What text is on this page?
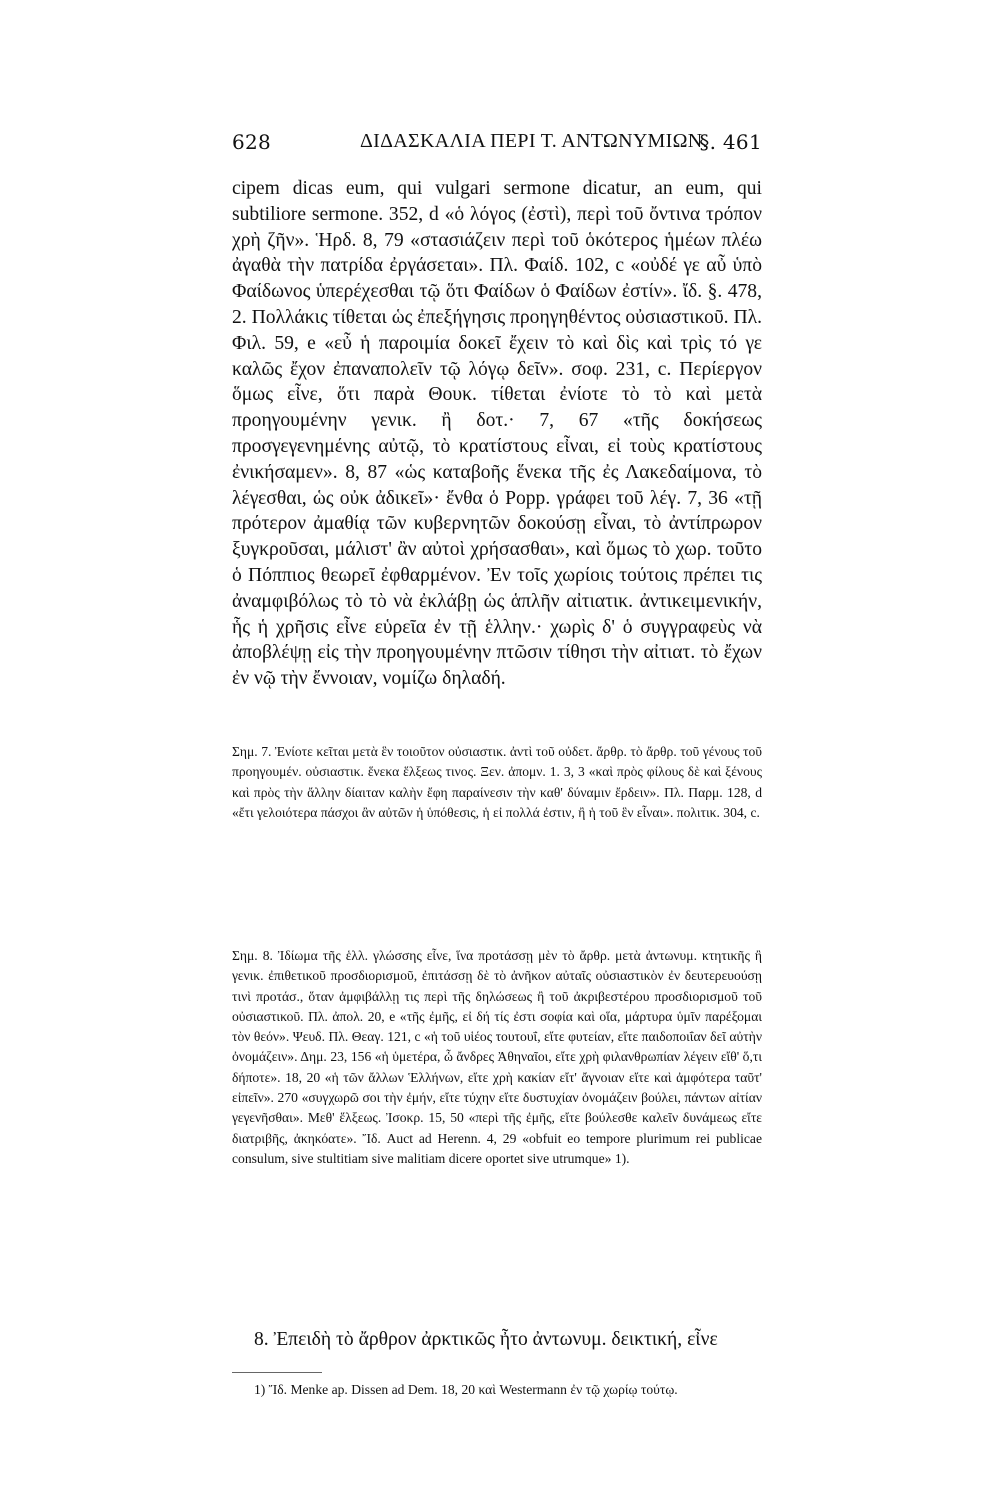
628	ΔΙΔΑΣΚΑΛΙΑ ΠΕΡΙ Τ. ΑΝΤΩΝΥΜΙΩΝ.
§. 461

cipem dicas eum, qui vulgari sermone dicatur, an eum, qui subtiliore sermone. 352, d «ὁ λόγος (ἐστὶ), περὶ τοῦ ὄντινα τρόπον χρὴ ζῆν». Ἡρδ. 8, 79 «στασιάζειν περὶ τοῦ ὁκότερος ἡμέων πλέω ἀγαθὰ τὴν πατρίδα ἐργάσεται». Πλ. Φαίδ. 102, c «οὐδέ γε αὖ ὑπὸ Φαίδωνος ὑπερέχεσθαι τῷ ὅτι Φαίδων ὁ Φαίδων ἐστίν». ἴδ. §. 478, 2. Πολλάκις τίθεται ὡς ἐπεξήγησις προηγηθέντος οὐσιαστικοῦ. Πλ. Φιλ. 59, e «εὖ ἡ παροιμία δοκεῖ ἔχειν τὸ καὶ δὶς καὶ τρὶς τό γε καλῶς ἔχον ἐπαναπολεῖν τῷ λόγῳ δεῖν». σοφ. 231, c. Περίεργον ὅμως εἶνε, ὅτι παρὰ Θουκ. τίθεται ἐνίοτε τὸ τὸ καὶ μετὰ προηγουμένην γενικ. ἢ δοτ.· 7, 67 «τῆς δοκήσεως προσγεγενημένης αὐτῷ, τὸ κρατίστους εἶναι, εἰ τοὺς κρατίστους ἐνικήσαμεν». 8, 87 «ὡς καταβοῆς ἕνεκα τῆς ἐς Λακεδαίμονα, τὸ λέγεσθαι, ὡς οὐκ ἀδικεῖ»· ἔνθα ὁ Popp. γράφει τοῦ λέγ. 7, 36 «τῇ πρότερον ἀμαθίᾳ τῶν κυβερνητῶν δοκούσῃ εἶναι, τὸ ἀντίπρωρον ξυγκροῦσαι, μάλιστ' ἂν αὐτοὶ χρήσασθαι», καὶ ὅμως τὸ χωρ. τοῦτο ὁ Πόππιος θεωρεῖ ἐφθαρμένον. Ἐν τοῖς χωρίοις τούτοις πρέπει τις ἀναμφιβόλως τὸ τὸ νὰ ἐκλάβῃ ὡς ἁπλῆν αἰτιατικ. ἀντικειμενικήν, ἧς ἡ χρῆσις εἶνε εὑρεῖα ἐν τῇ ἑλλην.· χωρὶς δ' ὁ συγγραφεὺς νὰ ἀποβλέψῃ εἰς τὴν προηγουμένην πτῶσιν τίθησι τὴν αἰτιατ. τὸ ἔχων ἐν νῷ τὴν ἔννοιαν, νομίζω δηλαδή.

Σημ. 7. Ἐνίοτε κεῖται μετὰ ἓν τοιοῦτον οὐσιαστικ. ἀντὶ τοῦ οὐδετ. ἄρθρ. τὸ ἄρθρ. τοῦ γένους τοῦ προηγουμέν. οὐσιαστικ. ἕνεκα ἕλξεως τινος. Ξεν. ἀπομν. 1. 3, 3 «καὶ πρὸς φίλους δὲ καὶ ξένους καὶ πρὸς τὴν ἄλλην δίαιταν καλὴν ἔφη παραίνεσιν τὴν καθ' δύναμιν ἔρδειν». Πλ. Παρμ. 128, d «ἔτι γελοιότερα πάσχοι ἂν αὐτῶν ἡ ὑπόθεσις, ἡ εἰ πολλά ἐστιν, ἢ ἡ τοῦ ἓν εἶναι». πολιτικ. 304, c.

Σημ. 8. Ἰδίωμα τῆς ἑλλ. γλώσσης εἶνε, ἵνα προτάσσῃ μὲν τὸ ἄρθρ. μετὰ ἀντωνυμ. κτητικῆς ἢ γενικ. ἐπιθετικοῦ προσδιορισμοῦ, ἐπιτάσσῃ δὲ τὸ ἀνῆκον αὐταῖς οὐσιαστικὸν ἐν δευτερευούσῃ τινὶ προτάσ., ὅταν ἀμφιβάλλῃ τις περὶ τῆς δηλώσεως ἢ τοῦ ἀκριβεστέρου προσδιορισμοῦ τοῦ οὐσιαστικοῦ. Πλ. ἀπολ. 20, e «τῆς ἐμῆς, εἰ δή τίς ἐστι σοφία καὶ οἵα, μάρτυρα ὑμῖν παρέξομαι τὸν θεόν». Ψευδ. Πλ. Θεαγ. 121, c «ἡ τοῦ υἱέος τουτουΐ, εἴτε φυτείαν, εἴτε παιδοποιΐαν δεῖ αὐτὴν ὀνομάζειν». Δημ. 23, 156 «ἡ ὑμετέρα, ὦ ἄνδρες Ἀθηναῖοι, εἴτε χρὴ φιλανθρωπίαν λέγειν εἴθ' ὅ,τι δήποτε». 18, 20 «ἡ τῶν ἄλλων Ἑλλήνων, εἴτε χρὴ κακίαν εἴτ' ἄγνοιαν εἴτε καὶ ἀμφότερα ταῦτ' εἰπεῖν». 270 «συγχωρῶ σοι τὴν ἐμήν, εἴτε τύχην εἴτε δυστυχίαν ὀνομάζειν βούλει, πάντων αἰτίαν γεγενῆσθαι». Μεθ' ἕλξεως. Ἰσοκρ. 15, 50 «περὶ τῆς ἐμῆς, εἴτε βούλεσθε καλεῖν δυνάμεως εἴτε διατριβῆς, ἀκηκόατε». Ἴδ. Auct ad Herenn. 4, 29 «obfuit eo tempore plurimum rei publicae consulum, sive stultitiam sive malitiam dicere oportet sive utrumque» 1).

8. Ἐπειδὴ τὸ ἄρθρον ἀρκτικῶς ἦτο ἀντωνυμ. δεικτική, εἶνε

1) Ἴδ. Menke ap. Dissen ad Dem. 18, 20 καὶ Westermann ἐν τῷ χωρίῳ τούτῳ.
